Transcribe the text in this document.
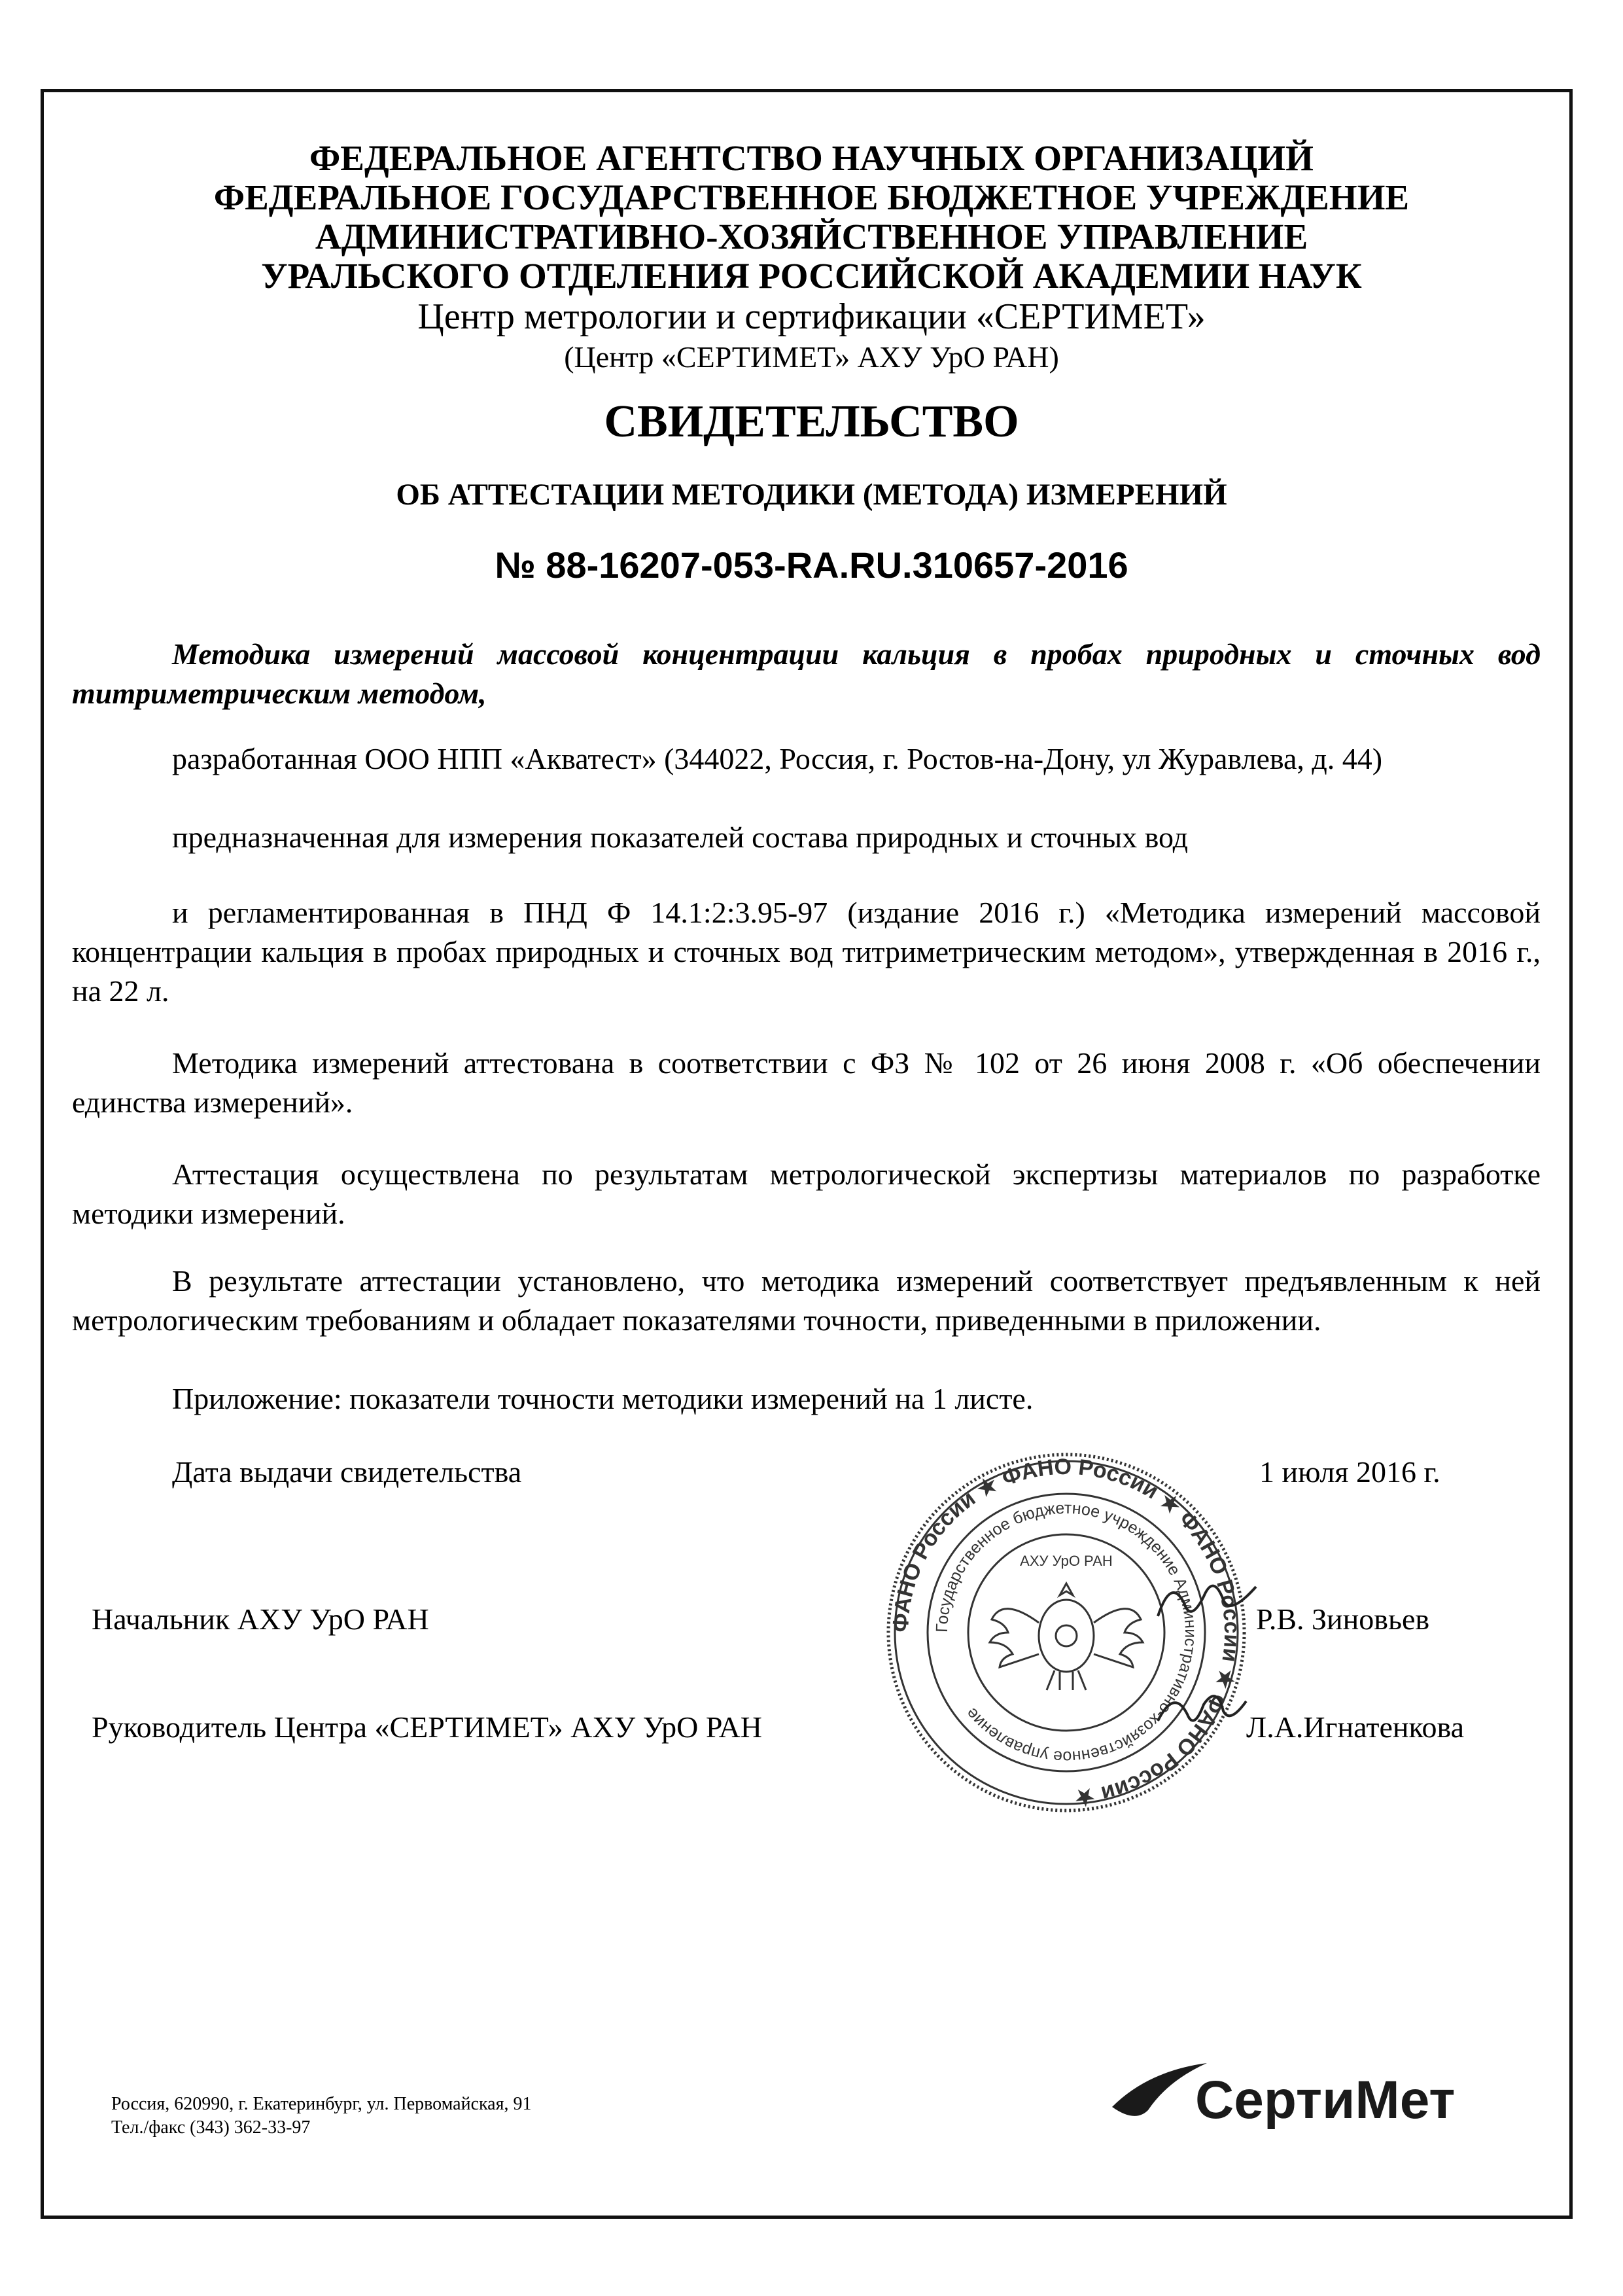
ФЕДЕРАЛЬНОЕ АГЕНТСТВО НАУЧНЫХ ОРГАНИЗАЦИЙ
ФЕДЕРАЛЬНОЕ ГОСУДАРСТВЕННОЕ БЮДЖЕТНОЕ УЧРЕЖДЕНИЕ
АДМИНИСТРАТИВНО-ХОЗЯЙСТВЕННОЕ УПРАВЛЕНИЕ
УРАЛЬСКОГО ОТДЕЛЕНИЯ РОССИЙСКОЙ АКАДЕМИИ НАУК
Центр метрологии и сертификации «СЕРТИМЕТ»
(Центр «СЕРТИМЕТ» АХУ УрО РАН)
СВИДЕТЕЛЬСТВО
ОБ АТТЕСТАЦИИ МЕТОДИКИ (МЕТОДА) ИЗМЕРЕНИЙ
№ 88-16207-053-RA.RU.310657-2016
Методика измерений массовой концентрации кальция в пробах природных и сточных вод титриметрическим методом,
разработанная ООО НПП «Акватест» (344022, Россия, г. Ростов-на-Дону, ул Журавлева, д. 44)
предназначенная для измерения показателей состава природных и сточных вод
и регламентированная в ПНД Ф 14.1:2:3.95-97 (издание 2016 г.) «Методика измерений массовой концентрации кальция в пробах природных и сточных вод титриметрическим методом», утвержденная в 2016 г., на 22 л.
Методика измерений аттестована в соответствии с ФЗ № 102 от 26 июня 2008 г. «Об обеспечении единства измерений».
Аттестация осуществлена по результатам метрологической экспертизы материалов по разработке методики измерений.
В результате аттестации установлено, что методика измерений соответствует предъявленным к ней метрологическим требованиям и обладает показателями точности, приведенными в приложении.
Приложение: показатели точности методики измерений на 1 листе.
Дата выдачи свидетельства	1 июля 2016 г.
Начальник АХУ УрО РАН	Р.В. Зиновьев
Руководитель Центра «СЕРТИМЕТ» АХУ УрО РАН	Л.А.Игнатенкова
ФАНО России ★ ФАНО России ★ ФАНО России ★ ФАНО России ★
Государственное бюджетное учреждение Административно-хозяйственное управление
АХУ УрО РАН
Россия, 620990, г. Екатеринбург, ул. Первомайская, 91
Тел./факс (343) 362-33-97	СертиМет
